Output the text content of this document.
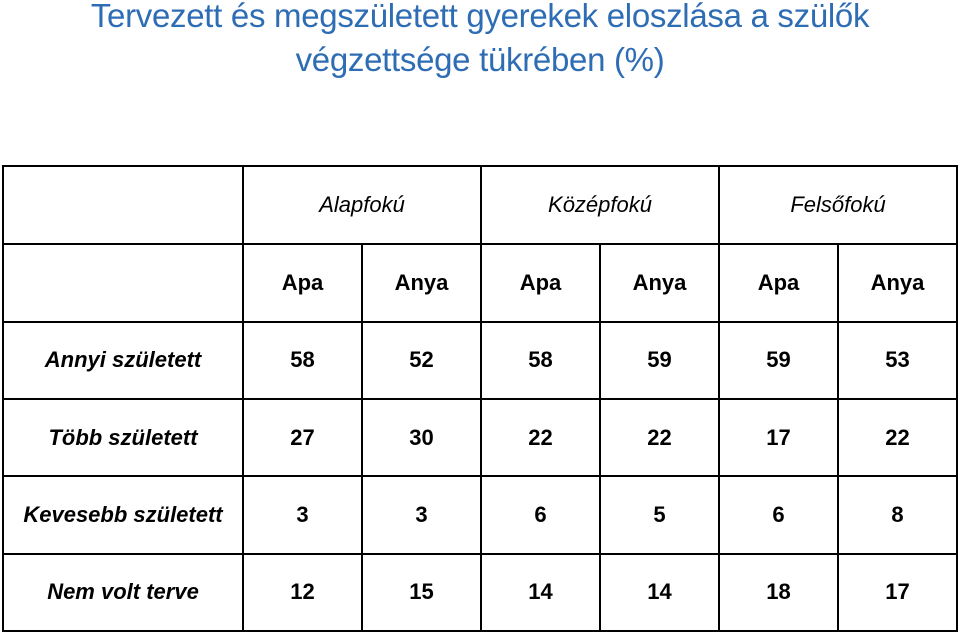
Tervezett és megszületett gyerekek eloszlása a szülők
végzettsége tükrében (%)
	Alapfokú		Középfokú		Felsőfokú	
	Apa	Anya	Apa	Anya	Apa	Anya
Annyi született	58	52	58	59	59	53
Több született	27	30	22	22	17	22
Kevesebb született	3	3	6	5	6	8
Nem volt terve	12	15	14	14	18	17
